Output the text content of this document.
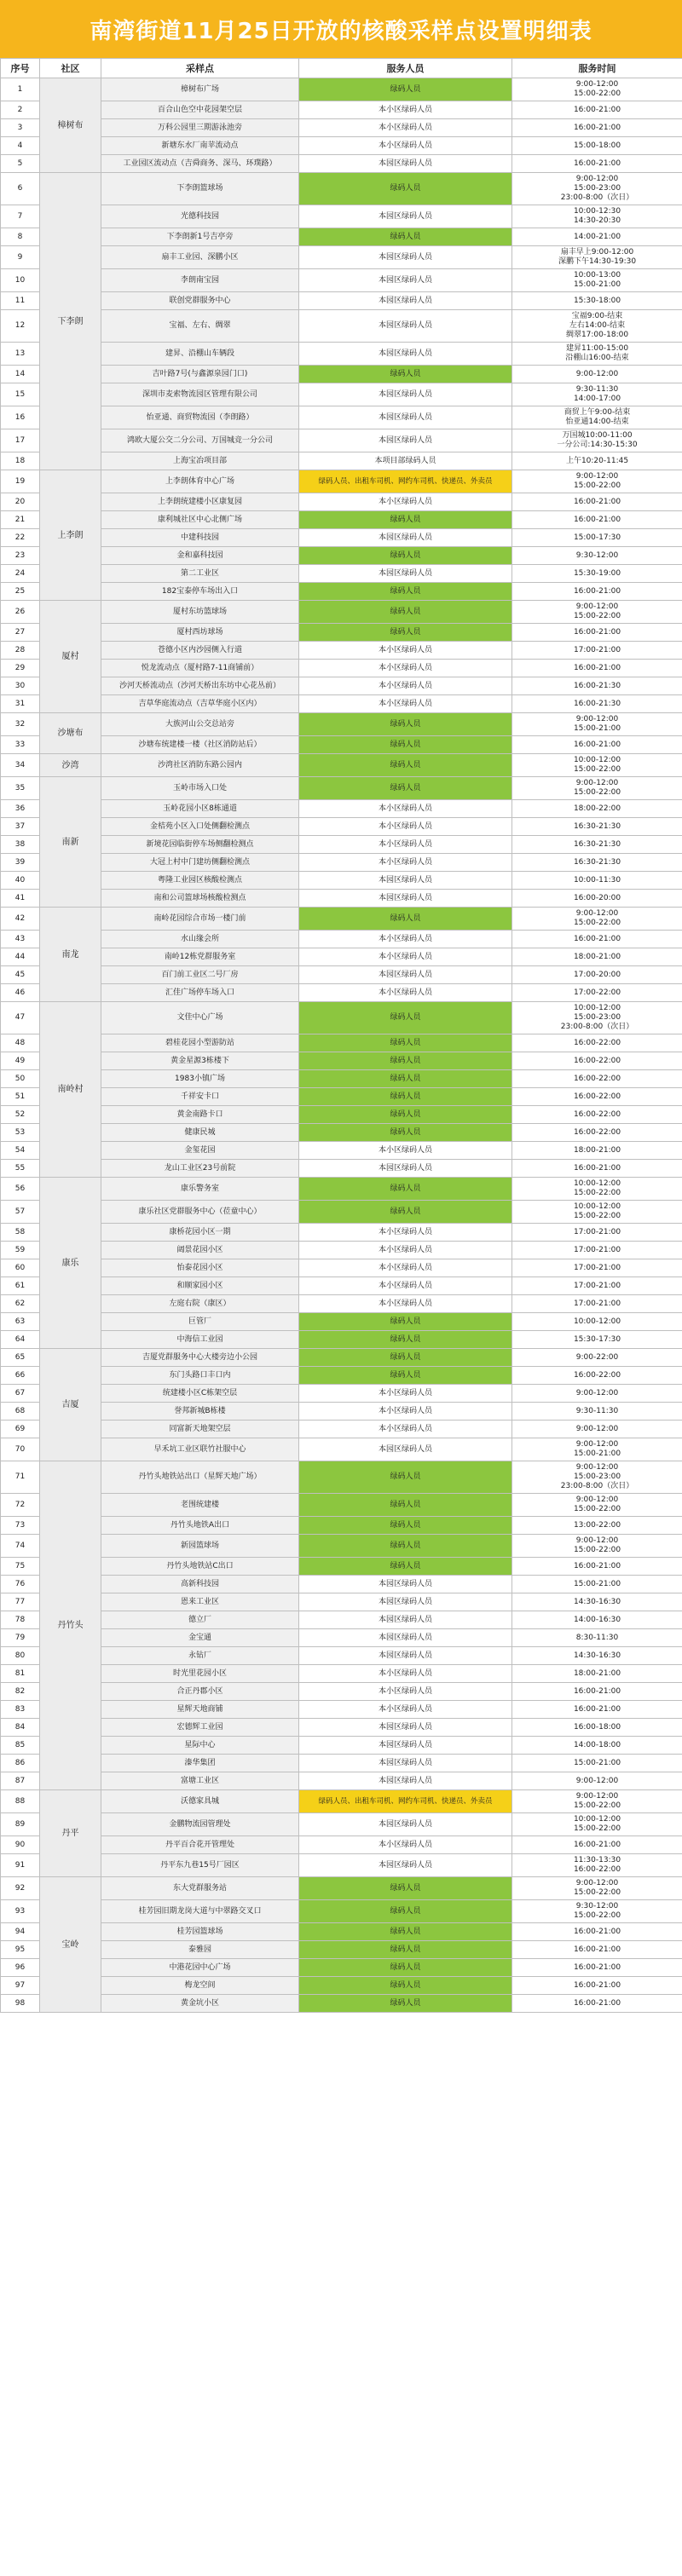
南湾街道11月25日开放的核酸采样点设置明细表
序号	社区	采样点	服务人员	服务时间
1	樟树布	樟树布广场	绿码人员	9:00-12:00
15:00-22:00

2		百合山色空中花园架空层	本小区绿码人员	16:00-21:00

3		万科公园里三期游泳池旁	本小区绿码人员	16:00-21:00

4		新塘东水厂南苹流动点	本小区绿码人员	15:00-18:00

5		工业园区流动点（吉舜商务、深马、环璞路）	本园区绿码人员	16:00-21:00

6	下李朗	下李朗篮球场	绿码人员	9:00-12:00
15:00-23:00
23:00-8:00（次日）

7		光德科技园	本园区绿码人员	10:00-12:30
14:30-20:30

8		下李朗新1号吉亭旁	绿码人员	14:00-21:00

9		扇丰工业园、深鹏小区	本园区绿码人员	扇丰早上9:00-12:00
深鹏下午14:30-19:30

10		李朗南宝园	本园区绿码人员	10:00-13:00
15:00-21:00

11		联创党群服务中心	本园区绿码人员	15:30-18:00

12		宝福、左右、绸翠	本园区绿码人员	宝福9:00-结束
左右14:00-结束
绸翠17:00-18:00

13		建昇、沿棚山车辆段	本园区绿码人员	建昇11:00-15:00
沿棚山16:00-结束

14		吉叶路7号(与鑫源泉园门口)	绿码人员	9:00-12:00

15		深圳市麦索物流园区管理有限公司	本园区绿码人员	9:30-11:30
14:00-17:00

16		怡亚通、商贸物流园（李朗路）	本园区绿码人员	商贸上午9:00-结束
怡亚通14:00-结束

17		鸿欧大厦公交二分公司、万国城竞一分公司	本园区绿码人员	万国城10:00-11:00
一分公司:14:30-15:30

18		上海宝冶项目部	本项目部绿码人员	上午10:20-11:45

19	上李朗	上李朗体育中心广场	绿码人员、出租车司机、网约车司机、快递员、外卖员	9:00-12:00
15:00-22:00

20		上李朗统建楼小区康复园	本小区绿码人员	16:00-21:00

21		康利城社区中心北侧广场	绿码人员	16:00-21:00

22		中建科技园	本园区绿码人员	15:00-17:30

23		金和嘉科技园	绿码人员	9:30-12:00

24		第二工业区	本园区绿码人员	15:30-19:00

25		182宝泰停车场出入口	绿码人员	16:00-21:00

26	厦村	厦村东坊篮球场	绿码人员	9:00-12:00
15:00-22:00

27		厦村西坊球场	绿码人员	16:00-21:00

28		苍德小区内沙园侧入行道	本小区绿码人员	17:00-21:00

29		悦龙流动点（厦村路7-11商铺前）	本小区绿码人员	16:00-21:00

30		沙河天桥流动点（沙河天桥出东坊中心花丛前）	本小区绿码人员	16:00-21:30

31		吉草华庭流动点（吉草华庭小区内）	本小区绿码人员	16:00-21:30

32	沙塘布	大族河山公交总站旁	绿码人员	9:00-12:00
15:00-21:00

33		沙塘布统建楼一楼（社区消防站后）	绿码人员	16:00-21:00

34	沙湾	沙湾社区消防东路公园内	绿码人员	10:00-12:00
15:00-22:00

35	南新	玉岭市场入口处	绿码人员	9:00-12:00
15:00-22:00

36		玉岭花园小区8栋通道	本小区绿码人员	18:00-22:00

37		金桔苑小区入口处侧翻检测点	本小区绿码人员	16:30-21:30

38		新境花园临街停车场侧翻检测点	本小区绿码人员	16:30-21:30

39		大冠上村中门建坊侧翻检测点	本小区绿码人员	16:30-21:30

40		粤隆工业园区核酸检测点	本园区绿码人员	10:00-11:30

41		南和公司篮球场核酸检测点	本园区绿码人员	16:00-20:00

42	南龙	南岭花园综合市场一楼门前	绿码人员	9:00-12:00
15:00-22:00

43		水山缘会所	本小区绿码人员	16:00-21:00

44		南岭12栋党群服务室	本小区绿码人员	18:00-21:00

45		百门前工业区二号厂房	本园区绿码人员	17:00-20:00

46		汇佳广场停车场入口	本小区绿码人员	17:00-22:00

47	南岭村	文佳中心广场	绿码人员	10:00-12:00
15:00-23:00
23:00-8:00（次日）

48		碧桂花园小型游防站	绿码人员	16:00-22:00

49		黄金星源3栋楼下	绿码人员	16:00-22:00

50		1983小镇广场	绿码人员	16:00-22:00

51		千祥安卡口	绿码人员	16:00-22:00

52		黄金南路卡口	绿码人员	16:00-22:00

53		健康民城	绿码人员	16:00-22:00

54		金玺花园	本小区绿码人员	18:00-21:00

55		龙山工业区23号前院	本园区绿码人员	16:00-21:00

56	康乐	康乐警务室	绿码人员	10:00-12:00
15:00-22:00

57		康乐社区党群服务中心（莅童中心）	绿码人员	10:00-12:00
15:00-22:00

58		康桥花园小区一期	本小区绿码人员	17:00-21:00

59		阔景花园小区	本小区绿码人员	17:00-21:00

60		怡泰花园小区	本小区绿码人员	17:00-21:00

61		和顺家园小区	本小区绿码人员	17:00-21:00

62		左庭右院（康区）	本小区绿码人员	17:00-21:00

63		巨管厂	绿码人员	10:00-12:00

64		中海信工业园	绿码人员	15:30-17:30

65	吉厦	吉厦党群服务中心大楼旁边小公园	绿码人员	9:00-22:00

66		东门头路口丰口内	绿码人员	16:00-22:00

67		统建楼小区C栋架空层	本小区绿码人员	9:00-12:00

68		誉邦新城B栋楼	本小区绿码人员	9:30-11:30

69		同富新天地架空层	本小区绿码人员	9:00-12:00

70		早禾坑工业区联竹社服中心	本园区绿码人员	9:00-12:00
15:00-21:00

71	丹竹头	丹竹头地铁站出口（星辉天地广场）	绿码人员	9:00-12:00
15:00-23:00
23:00-8:00（次日）

72		老围统建楼	绿码人员	9:00-12:00
15:00-22:00

73		丹竹头地铁A出口	绿码人员	13:00-22:00

74		新园篮球场	绿码人员	9:00-12:00
15:00-22:00

75		丹竹头地铁站C出口	绿码人员	16:00-21:00

76		高新科技园	本园区绿码人员	15:00-21:00

77		恩来工业区	本园区绿码人员	14:30-16:30

78		德立厂	本园区绿码人员	14:00-16:30

79		金宝通	本园区绿码人员	8:30-11:30

80		永钻厂	本园区绿码人员	14:30-16:30

81		时光里花园小区	本小区绿码人员	18:00-21:00

82		合正丹郡小区	本小区绿码人员	16:00-21:00

83		星辉天地商铺	本小区绿码人员	16:00-21:00

84		宏德辉工业园	本园区绿码人员	16:00-18:00

85		星际中心	本园区绿码人员	14:00-18:00

86		溱华集团	本园区绿码人员	15:00-21:00

87		富塘工业区	本园区绿码人员	9:00-12:00

88	丹平	沃德家具城	绿码人员、出租车司机、网约车司机、快递员、外卖员	9:00-12:00
15:00-22:00

89		金鹏物流园管理处	本园区绿码人员	10:00-12:00
15:00-22:00

90		丹平百合花开管理处	本小区绿码人员	16:00-21:00

91		丹平东九巷15号厂园区	本园区绿码人员	11:30-13:30
16:00-22:00

92	宝岭	东大党群服务站	绿码人员	9:00-12:00
15:00-22:00

93		桂芳园旧期龙岗大道与中翠路交叉口	绿码人员	9:30-12:00
15:00-22:00

94		桂芳园篮球场	绿码人员	16:00-21:00

95		泰雅园	绿码人员	16:00-21:00

96		中港花园中心广场	绿码人员	16:00-21:00

97		梅龙空间	绿码人员	16:00-21:00

98		黄金坑小区	绿码人员	16:00-21:00
